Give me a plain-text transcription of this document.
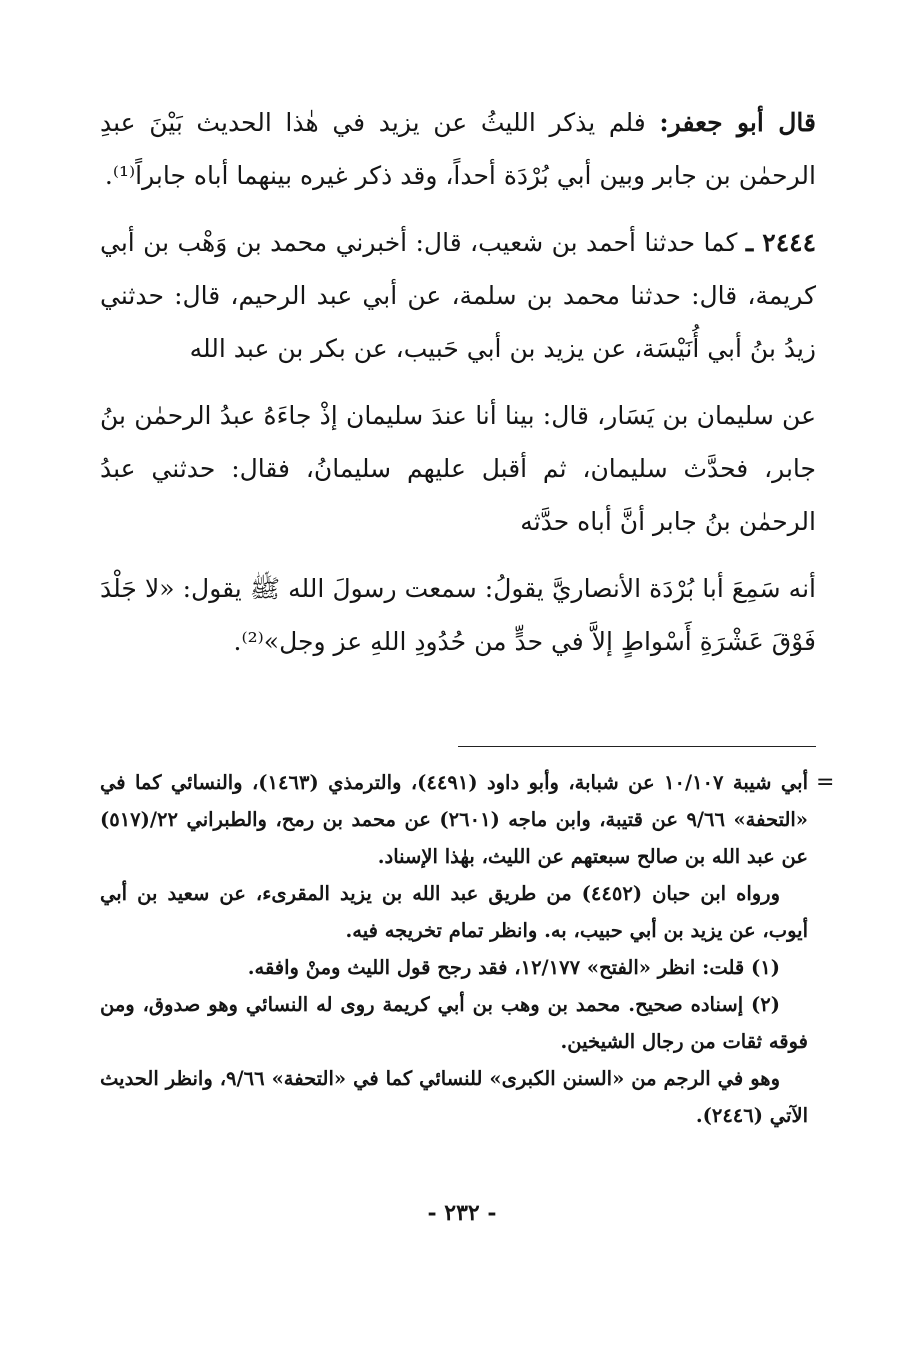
قال أبو جعفر: فلم يذكر الليثُ عن يزيد في هٰذا الحديث بَيْنَ عبدِ الرحمٰن بن جابر وبين أبي بُرْدَة أحداً، وقد ذكر غيره بينهما أباه جابراً⁽¹⁾.

٢٤٤٤ ـ كما حدثنا أحمد بن شعيب، قال: أخبرني محمد بن وَهْب بن أبي كريمة، قال: حدثنا محمد بن سلمة، عن أبي عبد الرحيم، قال: حدثني زيدُ بنُ أبي أُنَيْسَة، عن يزيد بن أبي حَبيب، عن بكر بن عبد الله

عن سليمان بن يَسَار، قال: بينا أنا عندَ سليمان إذْ جاءَهُ عبدُ الرحمٰن بنُ جابر، فحدَّث سليمان، ثم أقبل عليهم سليمانُ، فقال: حدثني عبدُ الرحمٰن بنُ جابر أنَّ أباه حدَّثه

أنه سَمِعَ أبا بُرْدَة الأنصاريَّ يقولُ: سمعت رسولَ الله ﷺ يقول: «لا جَلْدَ فَوْقَ عَشْرَةِ أَسْواطٍ إلاَّ في حدٍّ من حُدُودِ اللهِ عز وجل»⁽²⁾.

=

أبي شيبة ١٠/١٠٧ عن شبابة، وأبو داود (٤٤٩١)، والترمذي (١٤٦٣)، والنسائي كما في «التحفة» ٩/٦٦ عن قتيبة، وابن ماجه (٢٦٠١) عن محمد بن رمح، والطبراني ٢٢/(٥١٧) عن عبد الله بن صالح سبعتهم عن الليث، بهٰذا الإسناد.

ورواه ابن حبان (٤٤٥٢) من طريق عبد الله بن يزيد المقرىء، عن سعيد بن أبي أيوب، عن يزيد بن أبي حبيب، به. وانظر تمام تخريجه فيه.

(١) قلت: انظر «الفتح» ١٢/١٧٧، فقد رجح قول الليث ومنْ وافقه.

(٢) إسناده صحيح. محمد بن وهب بن أبي كريمة روى له النسائي وهو صدوق، ومن فوقه ثقات من رجال الشيخين.

وهو في الرجم من «السنن الكبرى» للنسائي كما في «التحفة» ٩/٦٦، وانظر الحديث الآتي (٢٤٤٦).

- ٢٣٢ -
